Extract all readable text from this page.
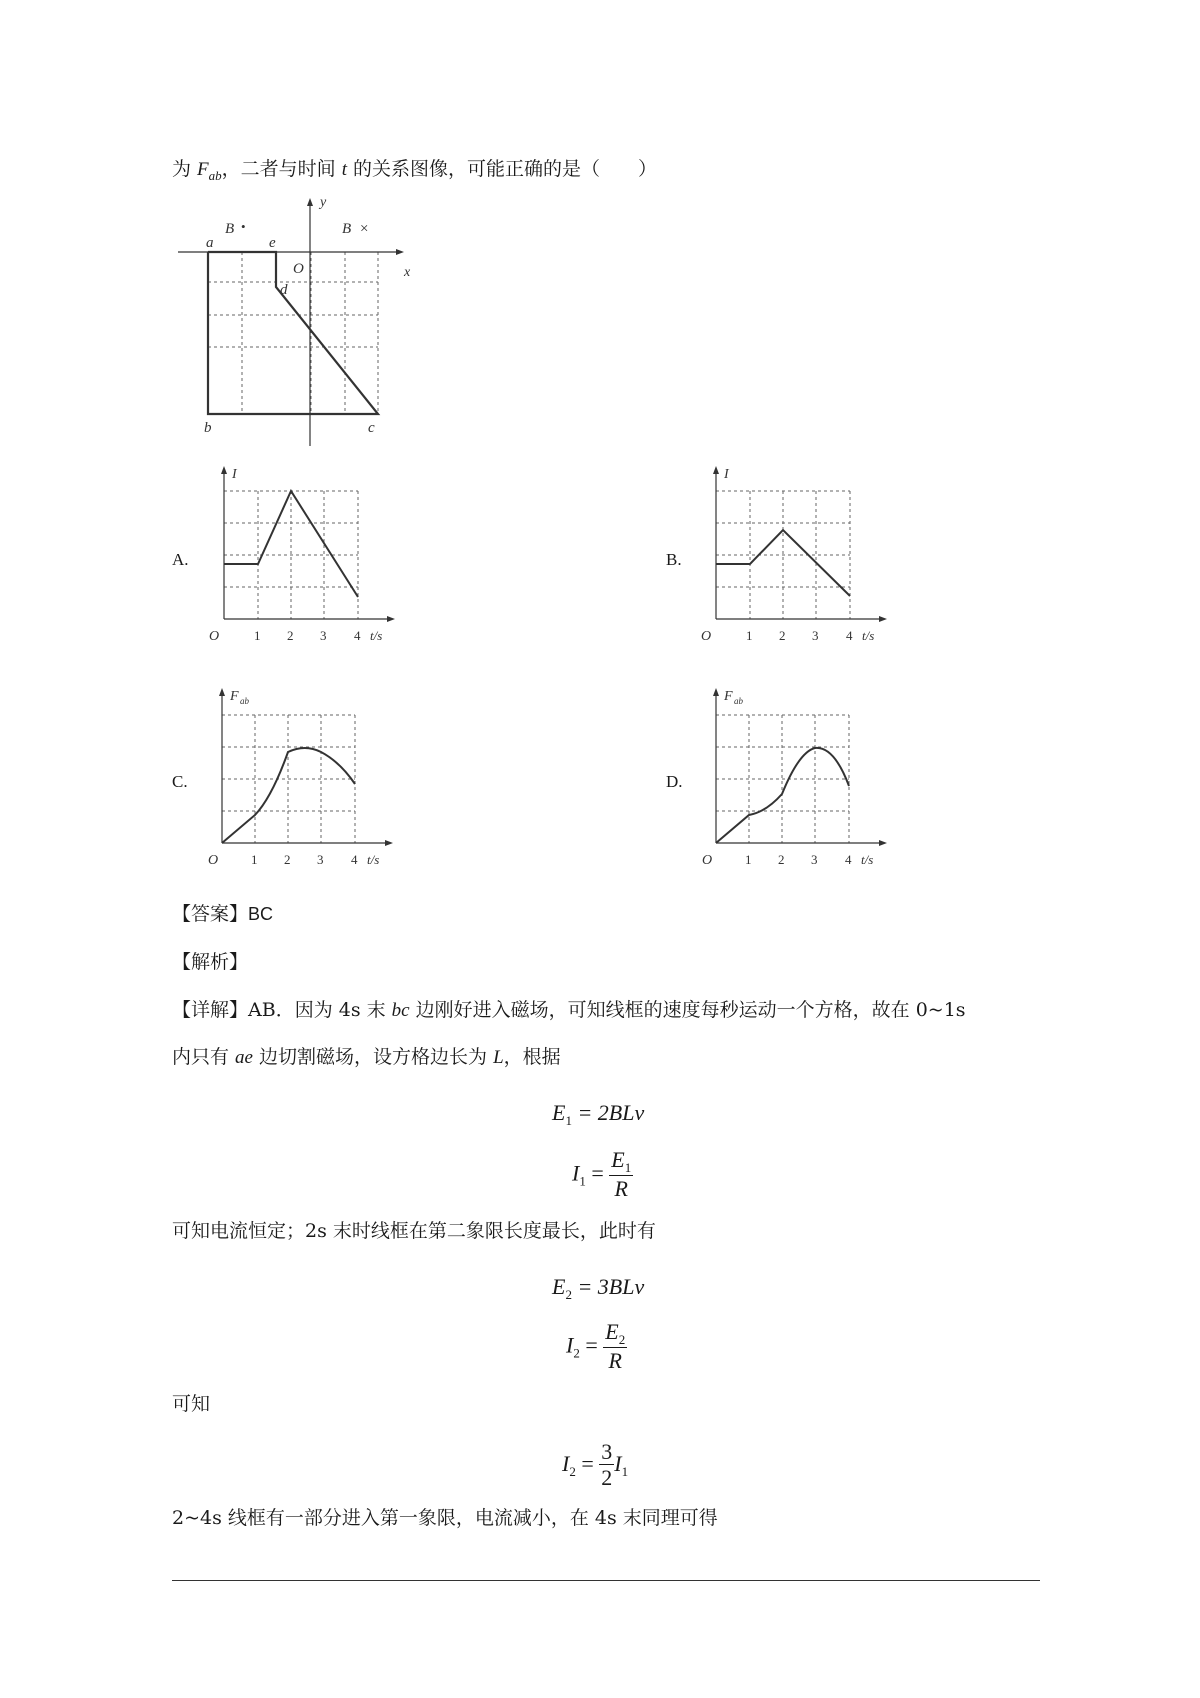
为 $F_{ab}$，二者与时间 t 的关系图像，可能正确的是（　　）
B •	B ×
y
x
O
a	e
d
b	c
A.
I
O	1 2 3 4 t/s
B.
I
O	1 2 3 4 t/s
C.
F ab
O	1 2 3 4 t/s
D.
F ab
O	1 2 3 4 t/s
【答案】BC
【解析】
【详解】AB．因为 4s 末 bc 边刚好进入磁场，可知线框的速度每秒运动一个方格，故在 0~1s
内只有 ae 边切割磁场，设方格边长为 L，根据
$E_1 = 2BLv$
$I_1 = \frac{E_1}{R}$
可知电流恒定；2s 末时线框在第二象限长度最长，此时有
$E_2 = 3BLv$
$I_2 = \frac{E_2}{R}$
可知
$I_2 = \frac{3}{2} I_1$
2~4s 线框有一部分进入第一象限，电流减小，在 4s 末同理可得
